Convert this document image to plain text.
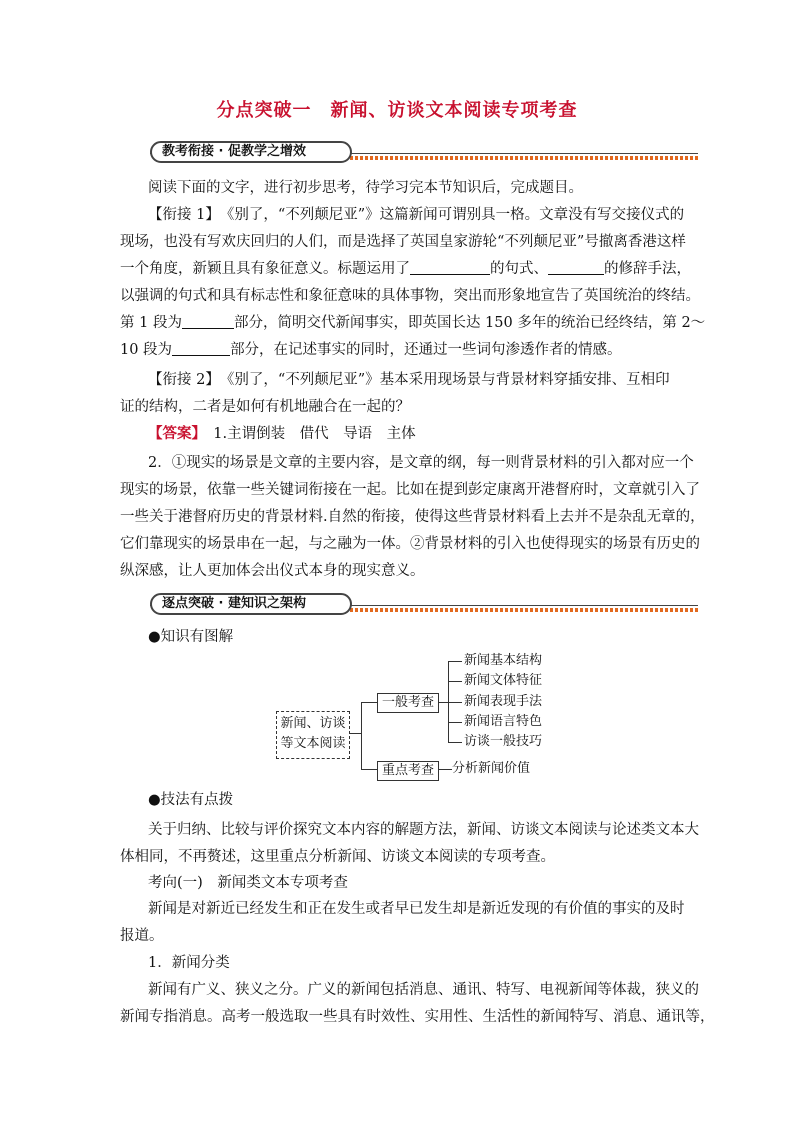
分点突破一　新闻、访谈文本阅读专项考查
教考衔接 · 促教学之增效
阅读下面的文字，进行初步思考，待学习完本节知识后，完成题目。
【衔接 1】　 《别了，“不列颠尼亚”》这篇新闻可谓别具一格。文章没有写交接仪式的
现场，也没有写欢庆回归的人们，而是选择了英国皇家游轮“不列颠尼亚”号撤离香港这样
一个角度，新颖且具有象征意义。标题运用了	的句式、	的修辞手法，
以强调的句式和具有标志性和象征意味的具体事物，突出而形象地宣告了英国统治的终结。
第 1 段为	部分，简明交代新闻事实，即英国长达 150 多年的统治已经终结，第 2～
10 段为	部分，在记述事实的同时，还通过一些词句渗透作者的情感。
【衔接 2】　 《别了，“不列颠尼亚”》基本采用现场景与背景材料穿插安排、互相印
证的结构，二者是如何有机地融合在一起的？
【答案】　 1.主谓倒装　借代　导语　主体
2．①现实的场景是文章的主要内容，是文章的纲，每一则背景材料的引入都对应一个
现实的场景，依靠一些关键词衔接在一起。比如在提到彭定康离开港督府时，文章就引入了
一些关于港督府历史的背景材料.自然的衔接，使得这些背景材料看上去并不是杂乱无章的，
它们靠现实的场景串在一起，与之融为一体。②背景材料的引入也使得现实的场景有历史的
纵深感，让人更加体会出仪式本身的现实意义。
逐点突破 · 建知识之架构
●知识有图解
新闻、访谈
等文本阅读
一般考查
重点考查
新闻基本结构
新闻文体特征
新闻表现手法
新闻语言特色
访谈一般技巧
分析新闻价值
●技法有点拨
关于归纳、比较与评价探究文本内容的解题方法，新闻、访谈文本阅读与论述类文本大
体相同，不再赘述，这里重点分析新闻、访谈文本阅读的专项考查。
考向(一)　新闻类文本专项考查
新闻是对新近已经发生和正在发生或者早已发生却是新近发现的有价值的事实的及时
报道。
1．新闻分类
新闻有广义、狭义之分。广义的新闻包括消息、通讯、特写、电视新闻等体裁，狭义的
新闻专指消息。高考一般选取一些具有时效性、实用性、生活性的新闻特写、消息、通讯等，
